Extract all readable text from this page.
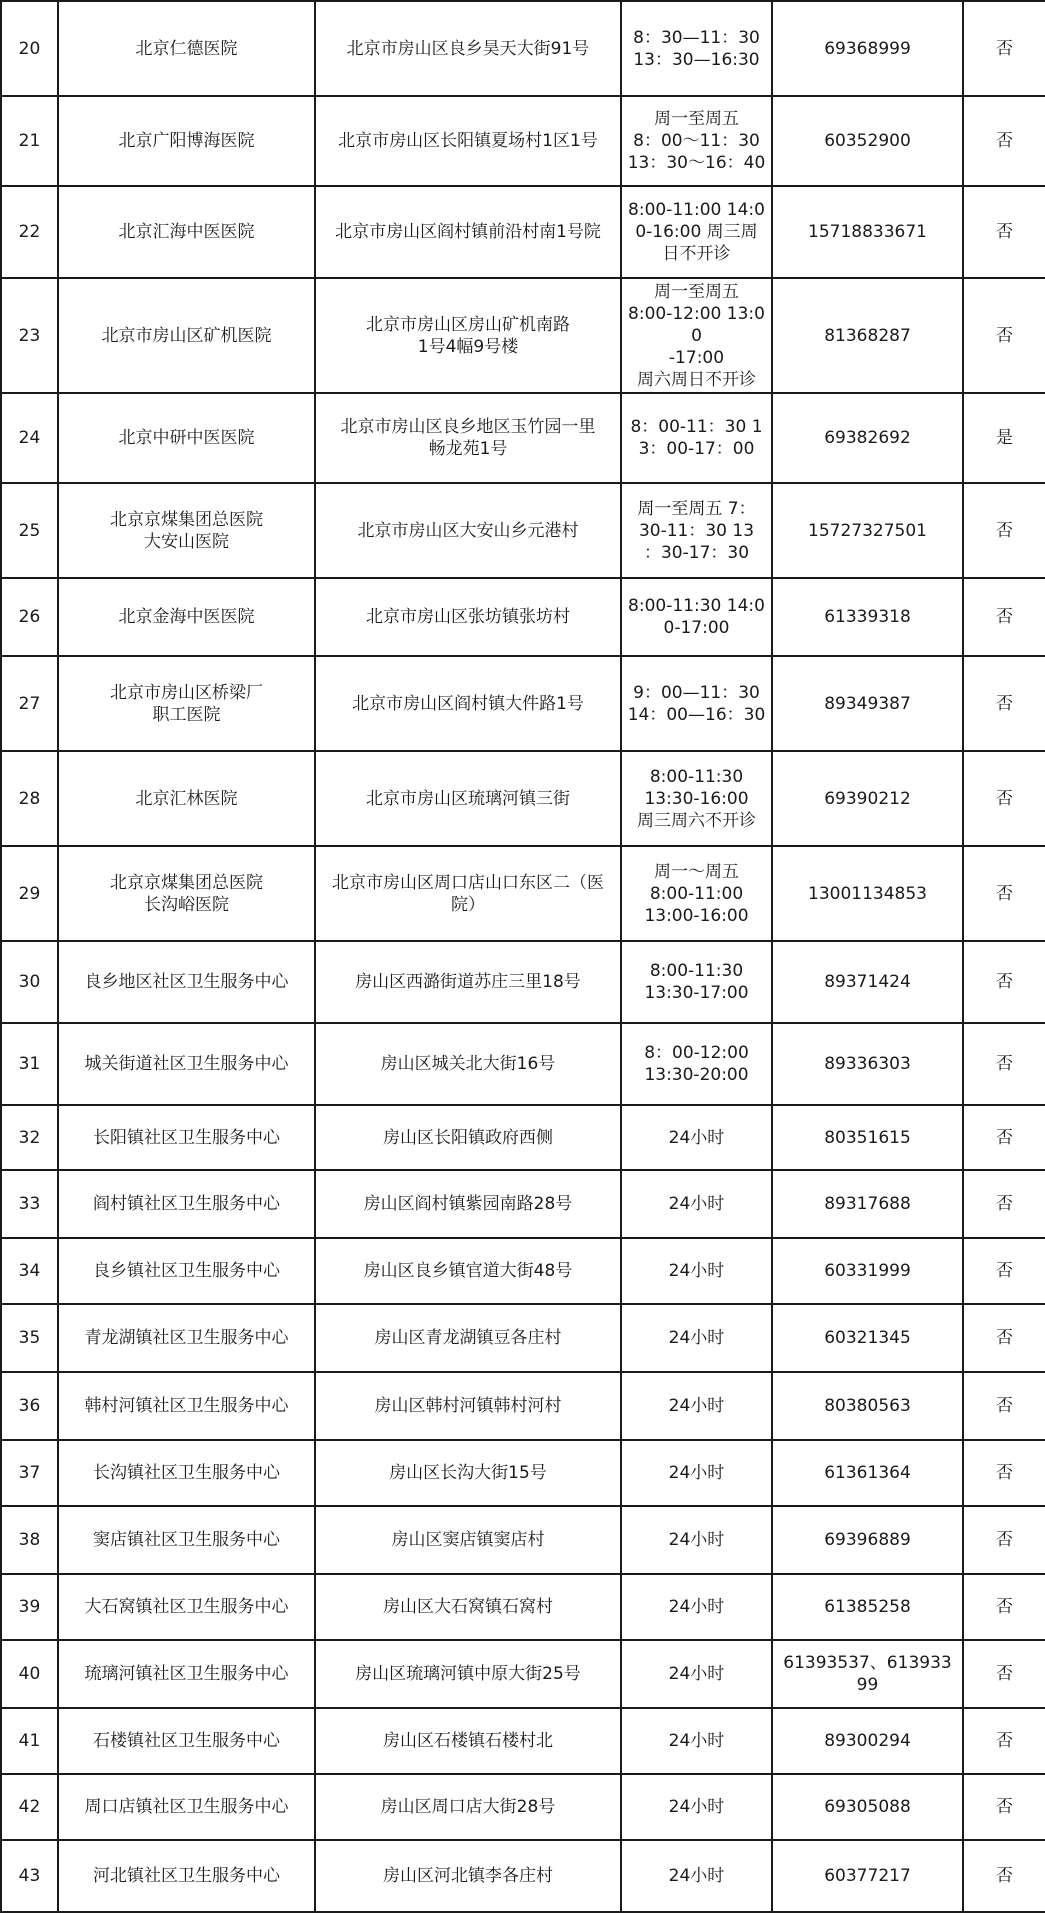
20	北京仁德医院	北京市房山区良乡昊天大街91号	8：30—11：30
13：30—16:30	69368999	否
21	北京广阳博海医院	北京市房山区长阳镇夏场村1区1号	周一至周五
8：00～11：30
13：30～16：40	60352900	否
22	北京汇海中医医院	北京市房山区阎村镇前沿村南1号院	8:00-11:00 14:0
0-16:00 周三周
日不开诊	15718833671	否
23	北京市房山区矿机医院	北京市房山区房山矿机南路
1号4幅9号楼	周一至周五
8:00-12:00 13:00
-17:00
周六周日不开诊	81368287	否
24	北京中研中医医院	北京市房山区良乡地区玉竹园一里
畅龙苑1号	8：00-11：30 1
3：00-17：00	69382692	是
25	北京京煤集团总医院
大安山医院	北京市房山区大安山乡元港村	周一至周五 7：
30-11：30 13
：30-17：30	15727327501	否
26	北京金海中医医院	北京市房山区张坊镇张坊村	8:00-11:30 14:0
0-17:00	61339318	否
27	北京市房山区桥梁厂
职工医院	北京市房山区阎村镇大件路1号	9：00—11：30
14：00—16：30	89349387	否
28	北京汇林医院	北京市房山区琉璃河镇三街	8:00-11:30
13:30-16:00
周三周六不开诊	69390212	否
29	北京京煤集团总医院
长沟峪医院	北京市房山区周口店山口东区二（医院）	周一～周五
8:00-11:00
13:00-16:00	13001134853	否
30	良乡地区社区卫生服务中心	房山区西潞街道苏庄三里18号	8:00-11:30
13:30-17:00	89371424	否
31	城关街道社区卫生服务中心	房山区城关北大街16号	8：00-12:00
13:30-20:00	89336303	否
32	长阳镇社区卫生服务中心	房山区长阳镇政府西侧	24小时	80351615	否
33	阎村镇社区卫生服务中心	房山区阎村镇紫园南路28号	24小时	89317688	否
34	良乡镇社区卫生服务中心	房山区良乡镇官道大街48号	24小时	60331999	否
35	青龙湖镇社区卫生服务中心	房山区青龙湖镇豆各庄村	24小时	60321345	否
36	韩村河镇社区卫生服务中心	房山区韩村河镇韩村河村	24小时	80380563	否
37	长沟镇社区卫生服务中心	房山区长沟大街15号	24小时	61361364	否
38	窦店镇社区卫生服务中心	房山区窦店镇窦店村	24小时	69396889	否
39	大石窝镇社区卫生服务中心	房山区大石窝镇石窝村	24小时	61385258	否
40	琉璃河镇社区卫生服务中心	房山区琉璃河镇中原大街25号	24小时	61393537、613933
99	否
41	石楼镇社区卫生服务中心	房山区石楼镇石楼村北	24小时	89300294	否
42	周口店镇社区卫生服务中心	房山区周口店大街28号	24小时	69305088	否
43	河北镇社区卫生服务中心	房山区河北镇李各庄村	24小时	60377217	否
